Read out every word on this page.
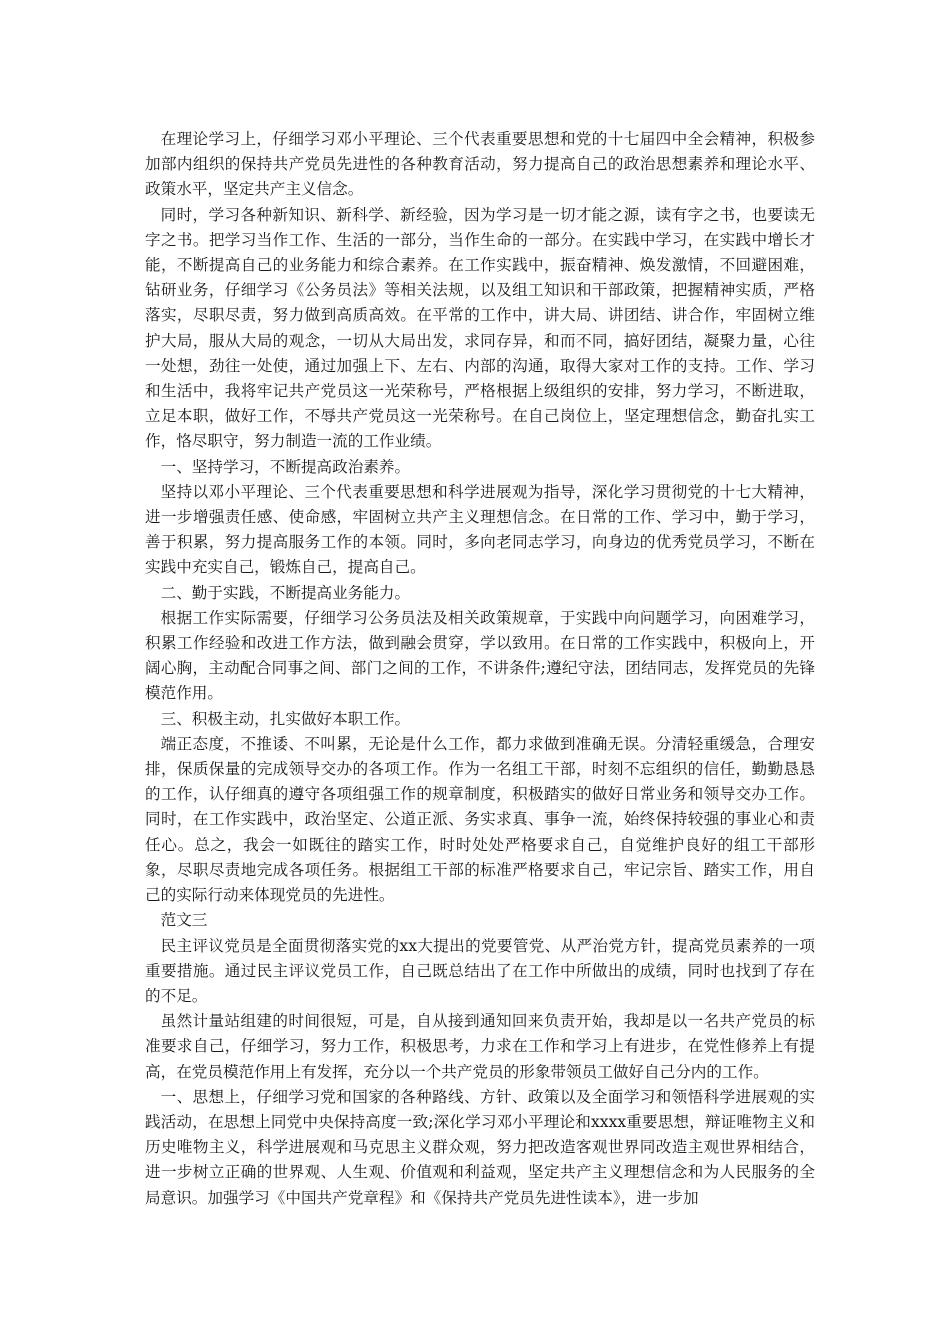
在理论学习上，仔细学习邓小平理论、三个代表重要思想和党的十七届四中全会精神，积极参加部内组织的保持共产党员先进性的各种教育活动，努力提高自己的政治思想素养和理论水平、政策水平，坚定共产主义信念。

同时，学习各种新知识、新科学、新经验，因为学习是一切才能之源，读有字之书，也要读无字之书。把学习当作工作、生活的一部分，当作生命的一部分。在实践中学习，在实践中增长才能，不断提高自己的业务能力和综合素养。在工作实践中，振奋精神、焕发激情，不回避困难，钻研业务，仔细学习《公务员法》等相关法规，以及组工知识和干部政策，把握精神实质，严格落实，尽职尽责，努力做到高质高效。在平常的工作中，讲大局、讲团结、讲合作，牢固树立维护大局，服从大局的观念，一切从大局出发，求同存异，和而不同，搞好团结，凝聚力量，心往一处想，劲往一处使，通过加强上下、左右、内部的沟通，取得大家对工作的支持。工作、学习和生活中，我将牢记共产党员这一光荣称号，严格根据上级组织的安排，努力学习，不断进取，立足本职，做好工作，不辱共产党员这一光荣称号。在自己岗位上，坚定理想信念，勤奋扎实工作，恪尽职守，努力制造一流的工作业绩。

一、坚持学习，不断提高政治素养。

坚持以邓小平理论、三个代表重要思想和科学进展观为指导，深化学习贯彻党的十七大精神，进一步增强责任感、使命感，牢固树立共产主义理想信念。在日常的工作、学习中，勤于学习，善于积累，努力提高服务工作的本领。同时，多向老同志学习，向身边的优秀党员学习，不断在实践中充实自己，锻炼自己，提高自己。

二、勤于实践，不断提高业务能力。

根据工作实际需要，仔细学习公务员法及相关政策规章，于实践中向问题学习，向困难学习，积累工作经验和改进工作方法，做到融会贯穿，学以致用。在日常的工作实践中，积极向上，开阔心胸，主动配合同事之间、部门之间的工作，不讲条件;遵纪守法，团结同志，发挥党员的先锋模范作用。

三、积极主动，扎实做好本职工作。

端正态度，不推诿、不叫累，无论是什么工作，都力求做到准确无误。分清轻重缓急，合理安排，保质保量的完成领导交办的各项工作。作为一名组工干部，时刻不忘组织的信任，勤勤恳恳的工作，认仔细真的遵守各项组强工作的规章制度，积极踏实的做好日常业务和领导交办工作。同时，在工作实践中，政治坚定、公道正派、务实求真、事争一流，始终保持较强的事业心和责任心。总之，我会一如既往的踏实工作，时时处处严格要求自己，自觉维护良好的组工干部形象，尽职尽责地完成各项任务。根据组工干部的标准严格要求自己，牢记宗旨、踏实工作，用自己的实际行动来体现党员的先进性。

范文三

民主评议党员是全面贯彻落实党的xx大提出的党要管党、从严治党方针，提高党员素养的一项重要措施。通过民主评议党员工作，自己既总结出了在工作中所做出的成绩，同时也找到了存在的不足。

虽然计量站组建的时间很短，可是，自从接到通知回来负责开始，我却是以一名共产党员的标准要求自己，仔细学习，努力工作，积极思考，力求在工作和学习上有进步，在党性修养上有提高，在党员模范作用上有发挥，充分以一个共产党员的形象带领员工做好自己分内的工作。

一、思想上，仔细学习党和国家的各种路线、方针、政策以及全面学习和领悟科学进展观的实践活动，在思想上同党中央保持高度一致;深化学习邓小平理论和xxxx重要思想，辩证唯物主义和历史唯物主义，科学进展观和马克思主义群众观，努力把改造客观世界同改造主观世界相结合，进一步树立正确的世界观、人生观、价值观和利益观，坚定共产主义理想信念和为人民服务的全局意识。加强学习《中国共产党章程》和《保持共产党员先进性读本》，进一步加
